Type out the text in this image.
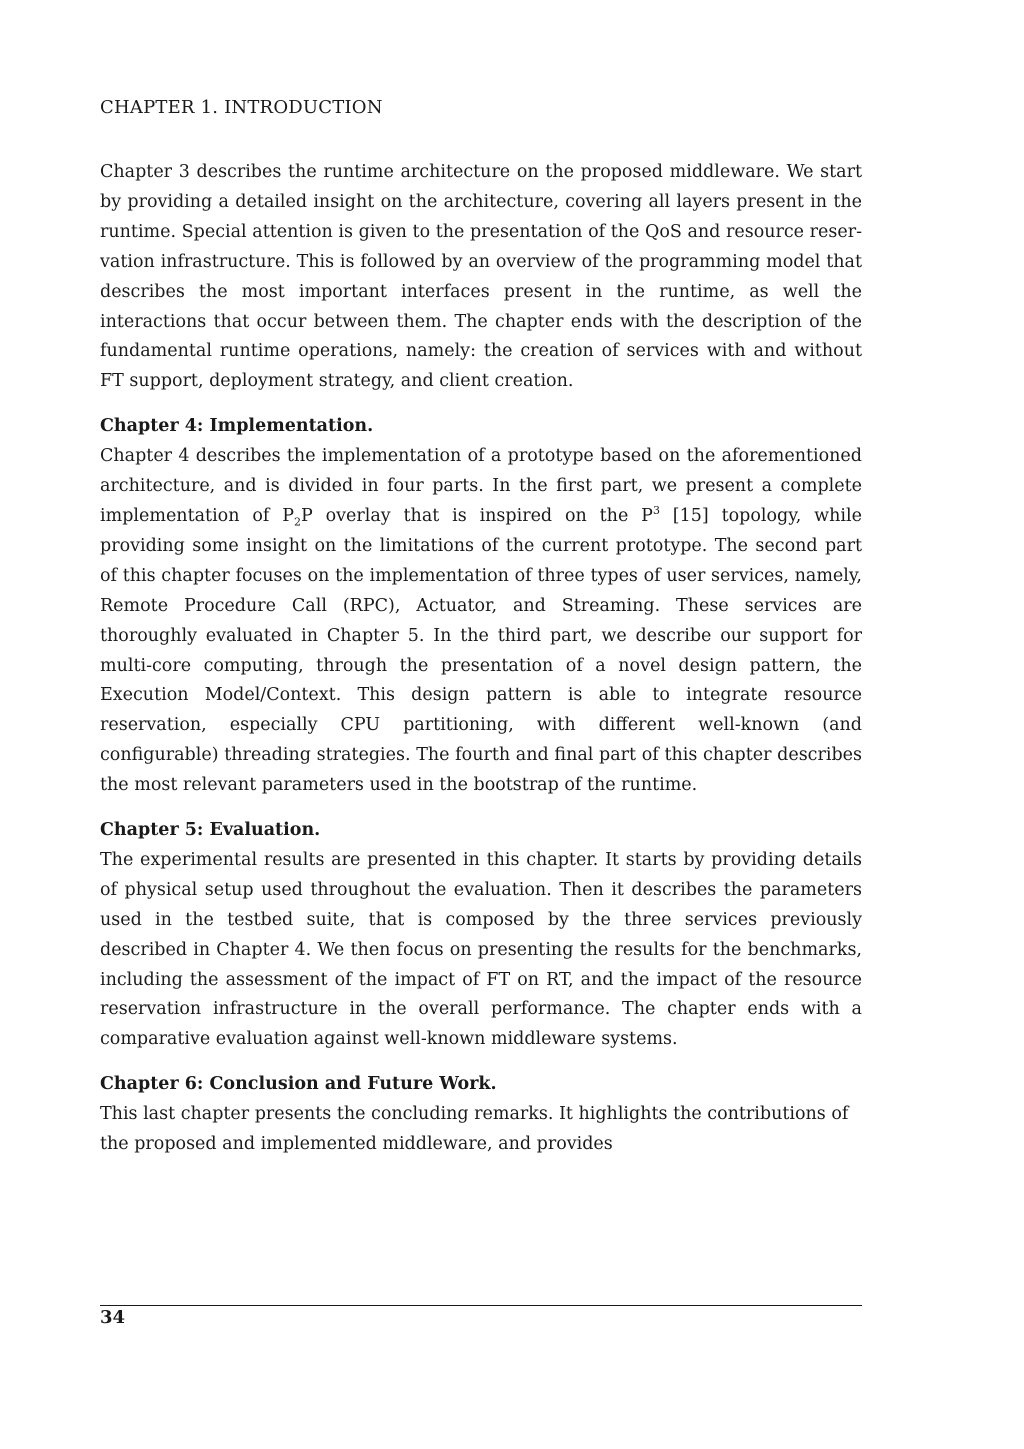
CHAPTER 1. INTRODUCTION

Chapter 3 describes the runtime architecture on the proposed middleware. We start by providing a detailed insight on the architecture, covering all layers present in the runtime. Special attention is given to the presentation of the QoS and resource reservation infrastructure. This is followed by an overview of the programming model that describes the most important interfaces present in the runtime, as well the interactions that occur between them. The chapter ends with the description of the fundamental runtime operations, namely: the creation of services with and without FT support, deployment strategy, and client creation.

Chapter 4: Implementation.

Chapter 4 describes the implementation of a prototype based on the aforementioned architecture, and is divided in four parts. In the first part, we present a complete implementation of $P_2P$ overlay that is inspired on the $P^3$ [15] topology, while providing some insight on the limitations of the current prototype. The second part of this chapter focuses on the implementation of three types of user services, namely, Remote Procedure Call (RPC), Actuator, and Streaming. These services are thoroughly evaluated in Chapter 5. In the third part, we describe our support for multi-core computing, through the presentation of a novel design pattern, the Execution Model/Context. This design pattern is able to integrate resource reservation, especially CPU partitioning, with different well-known (and configurable) threading strategies. The fourth and final part of this chapter describes the most relevant parameters used in the bootstrap of the runtime.

Chapter 5: Evaluation.

The experimental results are presented in this chapter. It starts by providing details of physical setup used throughout the evaluation. Then it describes the parameters used in the testbed suite, that is composed by the three services previously described in Chapter 4. We then focus on presenting the results for the benchmarks, including the assessment of the impact of FT on RT, and the impact of the resource reservation infrastructure in the overall performance. The chapter ends with a comparative evaluation against well-known middleware systems.

Chapter 6: Conclusion and Future Work.

This last chapter presents the concluding remarks. It highlights the contributions of the proposed and implemented middleware, and provides

34
